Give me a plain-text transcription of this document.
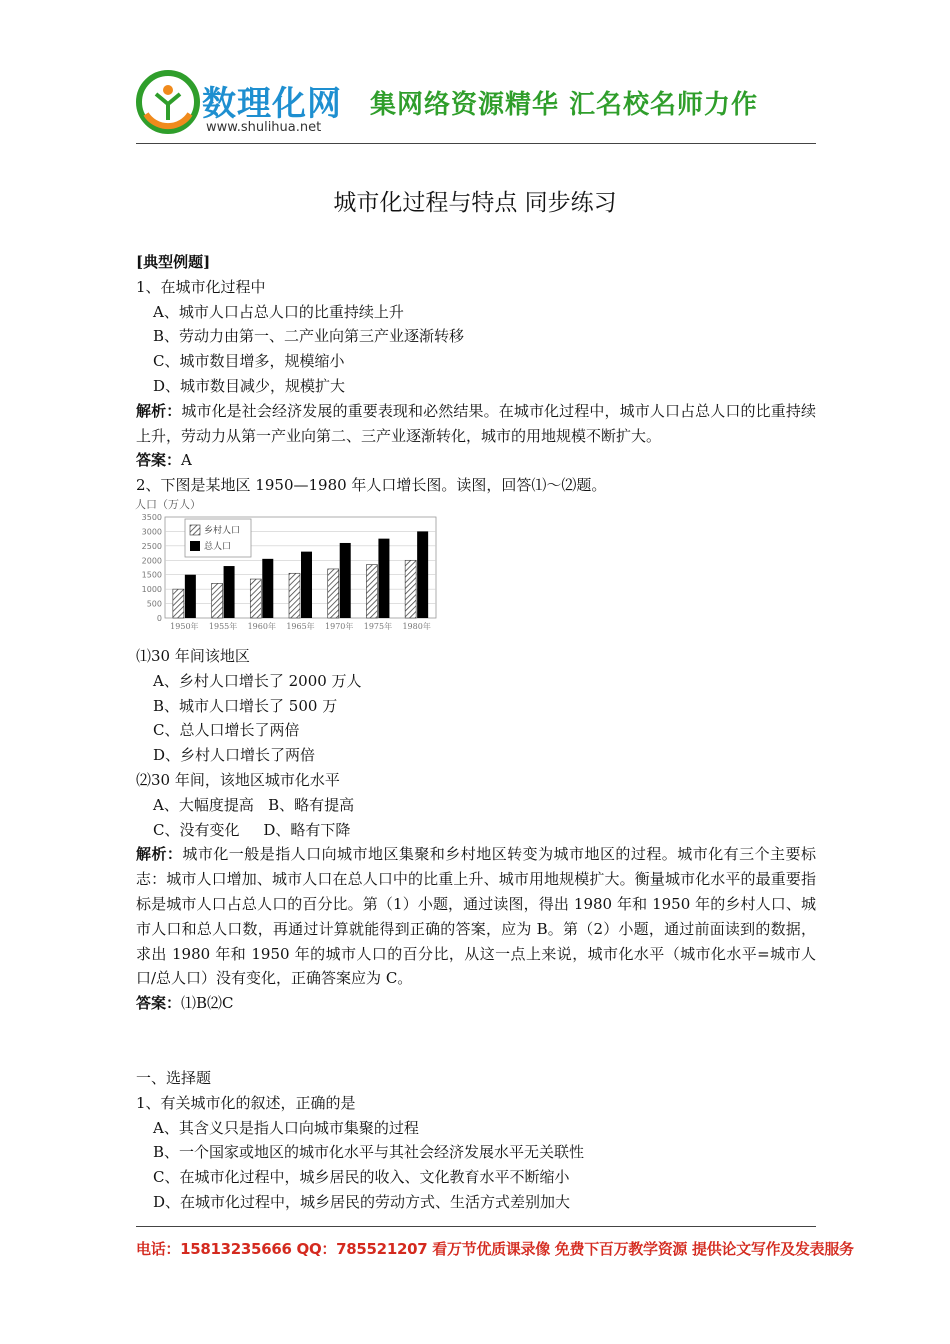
数理化网
www.shulihua.net
集网络资源精华 汇名校名师力作
城市化过程与特点 同步练习

[典型例题]

1、在城市化过程中

A、城市人口占总人口的比重持续上升

B、劳动力由第一、二产业向第三产业逐渐转移

C、城市数目增多，规模缩小

D、城市数目减少，规模扩大

解析：城市化是社会经济发展的重要表现和必然结果。在城市化过程中，城市人口占总人口的比重持续上升，劳动力从第一产业向第二、三产业逐渐转化，城市的用地规模不断扩大。

答案：A

2、下图是某地区 1950—1980 年人口增长图。读图，回答⑴～⑵题。

人口（万人）
0
500
1000
1500
2000
2500
3000
3500
1950年 1955年 1960年 1965年 1970年 1975年 1980年
乡村人口
总人口

⑴30 年间该地区

A、乡村人口增长了 2000 万人

B、城市人口增长了 500 万

C、总人口增长了两倍

D、乡村人口增长了两倍

⑵30 年间，该地区城市化水平

A、大幅度提高   B、略有提高

C、没有变化     D、略有下降

解析：城市化一般是指人口向城市地区集聚和乡村地区转变为城市地区的过程。城市化有三个主要标志：城市人口增加、城市人口在总人口中的比重上升、城市用地规模扩大。衡量城市化水平的最重要指标是城市人口占总人口的百分比。第（1）小题，通过读图，得出 1980 年和 1950 年的乡村人口、城市人口和总人口数，再通过计算就能得到正确的答案，应为 B。第（2）小题，通过前面读到的数据，求出 1980 年和 1950 年的城市人口的百分比，从这一点上来说，城市化水平（城市化水平=城市人口/总人口）没有变化，正确答案应为 C。

答案：⑴B⑵C

一、选择题

1、有关城市化的叙述，正确的是

A、其含义只是指人口向城市集聚的过程

B、一个国家或地区的城市化水平与其社会经济发展水平无关联性

C、在城市化过程中，城乡居民的收入、文化教育水平不断缩小

D、在城市化过程中，城乡居民的劳动方式、生活方式差别加大

电话：15813235666 QQ：785521207 看万节优质课录像 免费下百万教学资源 提供论文写作及发表服务
